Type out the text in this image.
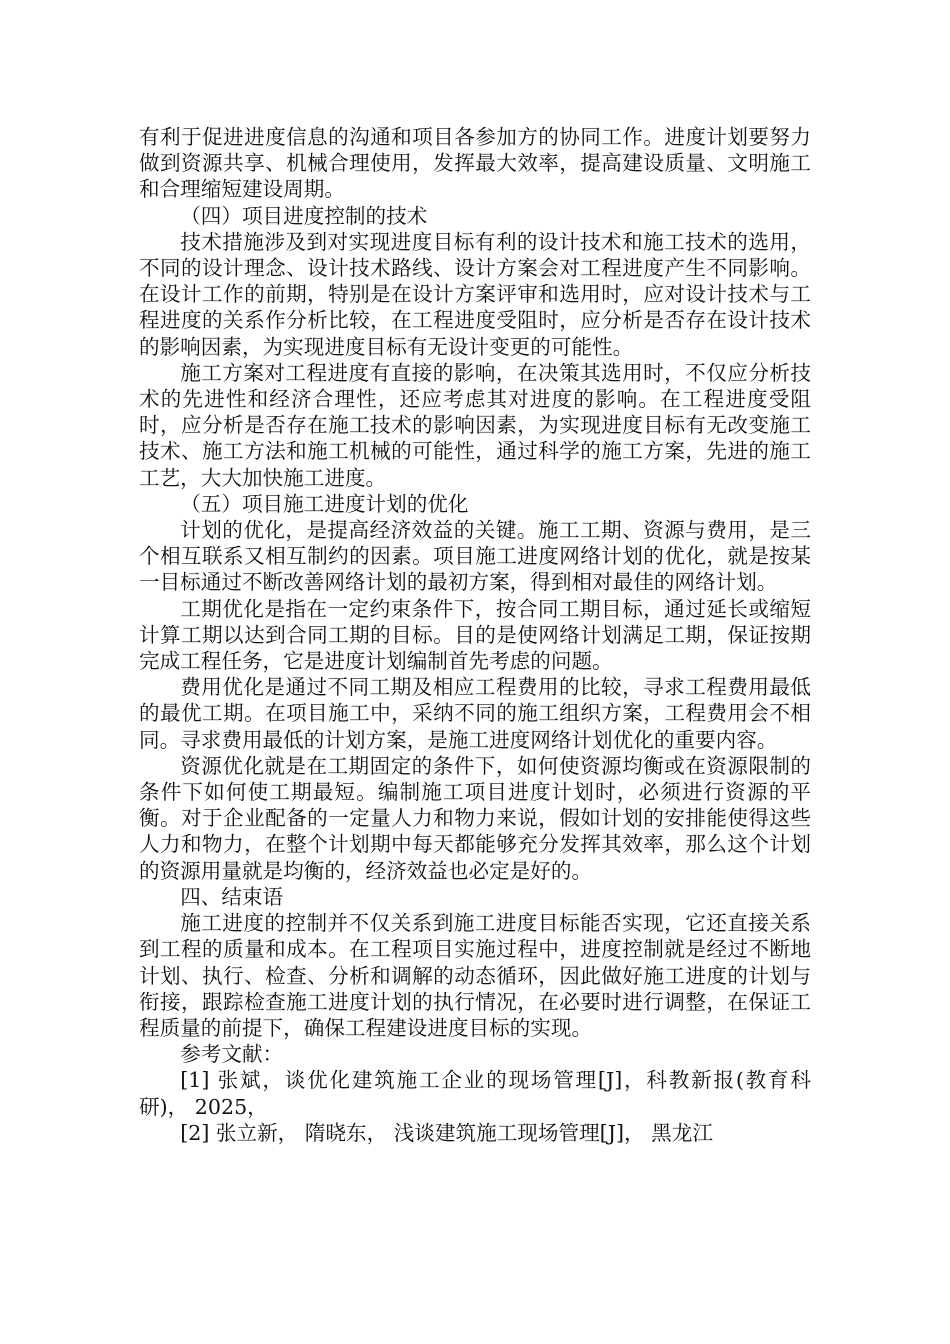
有利于促进进度信息的沟通和项目各参加方的协同工作。进度计划要努力做到资源共享、机械合理使用，发挥最大效率，提高建设质量、文明施工和合理缩短建设周期。

（四）项目进度控制的技术

技术措施涉及到对实现进度目标有利的设计技术和施工技术的选用，不同的设计理念、设计技术路线、设计方案会对工程进度产生不同影响。在设计工作的前期，特别是在设计方案评审和选用时，应对设计技术与工程进度的关系作分析比较，在工程进度受阻时，应分析是否存在设计技术的影响因素，为实现进度目标有无设计变更的可能性。

施工方案对工程进度有直接的影响，在决策其选用时，不仅应分析技术的先进性和经济合理性，还应考虑其对进度的影响。在工程进度受阻时，应分析是否存在施工技术的影响因素，为实现进度目标有无改变施工技术、施工方法和施工机械的可能性，通过科学的施工方案，先进的施工工艺，大大加快施工进度。

（五）项目施工进度计划的优化

计划的优化，是提高经济效益的关键。施工工期、资源与费用，是三个相互联系又相互制约的因素。项目施工进度网络计划的优化，就是按某一目标通过不断改善网络计划的最初方案，得到相对最佳的网络计划。

工期优化是指在一定约束条件下，按合同工期目标，通过延长或缩短计算工期以达到合同工期的目标。目的是使网络计划满足工期，保证按期完成工程任务，它是进度计划编制首先考虑的问题。

费用优化是通过不同工期及相应工程费用的比较，寻求工程费用最低的最优工期。在项目施工中，采纳不同的施工组织方案，工程费用会不相同。寻求费用最低的计划方案，是施工进度网络计划优化的重要内容。

资源优化就是在工期固定的条件下，如何使资源均衡或在资源限制的条件下如何使工期最短。编制施工项目进度计划时，必须进行资源的平衡。对于企业配备的一定量人力和物力来说，假如计划的安排能使得这些人力和物力，在整个计划期中每天都能够充分发挥其效率，那么这个计划的资源用量就是均衡的，经济效益也必定是好的。

四、结束语

施工进度的控制并不仅关系到施工进度目标能否实现，它还直接关系到工程的质量和成本。在工程项目实施过程中，进度控制就是经过不断地计划、执行、检查、分析和调解的动态循环，因此做好施工进度的计划与衔接，跟踪检查施工进度计划的执行情况，在必要时进行调整，在保证工程质量的前提下，确保工程建设进度目标的实现。

参考文献：

[1] 张斌，谈优化建筑施工企业的现场管理[J]，科教新报(教育科研)， 2025，

[2] 张立新， 隋晓东， 浅谈建筑施工现场管理[J]， 黑龙江
